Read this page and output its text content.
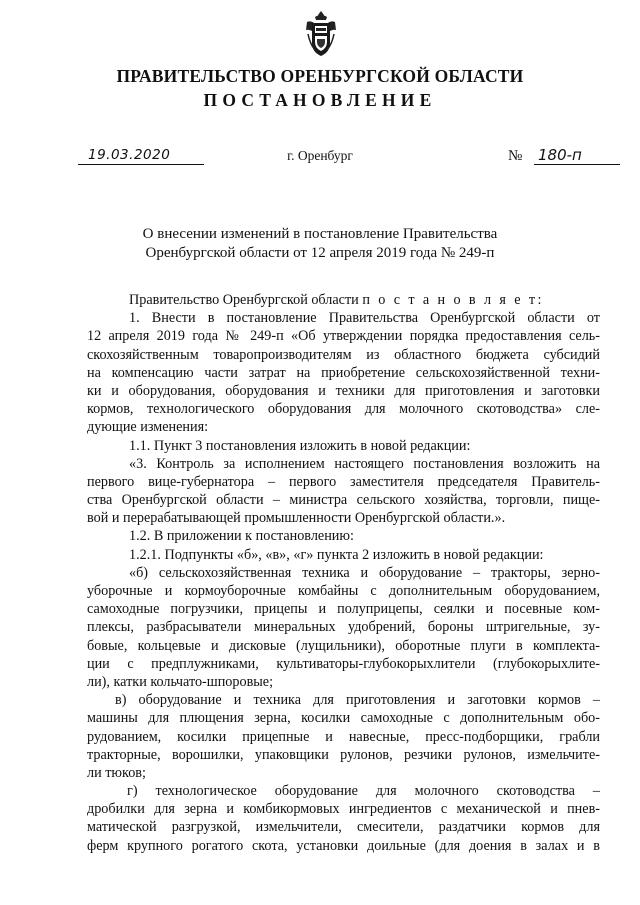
ПРАВИТЕЛЬСТВО ОРЕНБУРГСКОЙ ОБЛАСТИ
ПОСТАНОВЛЕНИЕ
19.03.2020	г. Оренбург	№ 180-п
О внесении изменений в постановление Правительства
Оренбургской области от 12 апреля 2019 года № 249-п
Правительство Оренбургской области п о с т а н о в л я е т:
1. Внести в постановление Правительства Оренбургской области от
12 апреля 2019 года № 249-п «Об утверждении порядка предоставления сель-
скохозяйственным товаропроизводителям из областного бюджета субсидий
на компенсацию части затрат на приобретение сельскохозяйственной техни-
ки и оборудования, оборудования и техники для приготовления и заготовки
кормов, технологического оборудования для молочного скотоводства» сле-
дующие изменения:
1.1. Пункт 3 постановления изложить в новой редакции:
«3. Контроль за исполнением настоящего постановления возложить на
первого вице-губернатора – первого заместителя председателя Правитель-
ства Оренбургской области – министра сельского хозяйства, торговли, пище-
вой и перерабатывающей промышленности Оренбургской области.».
1.2. В приложении к постановлению:
1.2.1. Подпункты «б», «в», «г» пункта 2 изложить в новой редакции:
«б) сельскохозяйственная техника и оборудование – тракторы, зерно-
уборочные и кормоуборочные комбайны с дополнительным оборудованием,
самоходные погрузчики, прицепы и полуприцепы, сеялки и посевные ком-
плексы, разбрасыватели минеральных удобрений, бороны штригельные, зу-
бовые, кольцевые и дисковые (лущильники), оборотные плуги в комплекта-
ции с предплужниками, культиваторы-глубокорыхлители (глубокорыхлите-
ли), катки кольчато-шпоровые;
в) оборудование и техника для приготовления и заготовки кормов –
машины для плющения зерна, косилки самоходные с дополнительным обо-
рудованием, косилки прицепные и навесные, пресс-подборщики, грабли
тракторные, ворошилки, упаковщики рулонов, резчики рулонов, измельчите-
ли тюков;
г) технологическое оборудование для молочного скотоводства –
дробилки для зерна и комбикормовых ингредиентов с механической и пнев-
матической разгрузкой, измельчители, смесители, раздатчики кормов для
ферм крупного рогатого скота, установки доильные (для доения в залах и в
